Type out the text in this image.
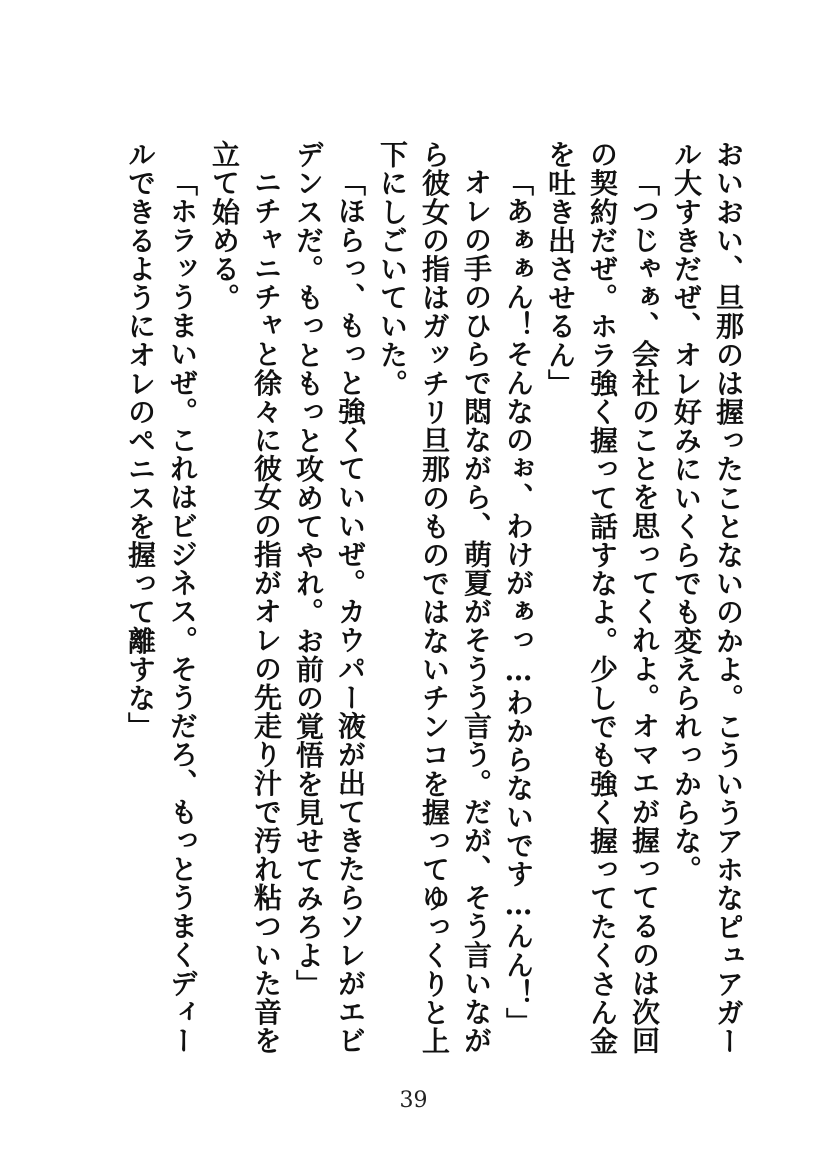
おいおい、旦那のは握ったことないのかよ。こういうアホなピュアガール大すきだぜ、オレ好みにいくらでも変えられっからな。

「つじゃぁ、会社のことを思ってくれよ。オマエが握ってるのは次回の契約だぜ。ホラ強く握って話すなよ。少しでも強く握ってたくさん金を吐き出させるん」

「あぁぁん！そんなのぉ、わけがぁっ…わからないです…んん！」

オレの手のひらで悶ながら、萌夏がそうう言う。だが、そう言いながら彼女の指はガッチリ旦那のものではないチンコを握ってゆっくりと上下にしごいていた。

「ほらっ、もっと強くていいぜ。カウパー液が出てきたらソレがエビデンスだ。もっともっと攻めてやれ。お前の覚悟を見せてみろよ」

ニチャニチャと徐々に彼女の指がオレの先走り汁で汚れ粘ついた音を立て始める。

「ホラッうまいぜ。これはビジネス。そうだろ、もっとうまくディールできるようにオレのペニスを握って離すな」

39
